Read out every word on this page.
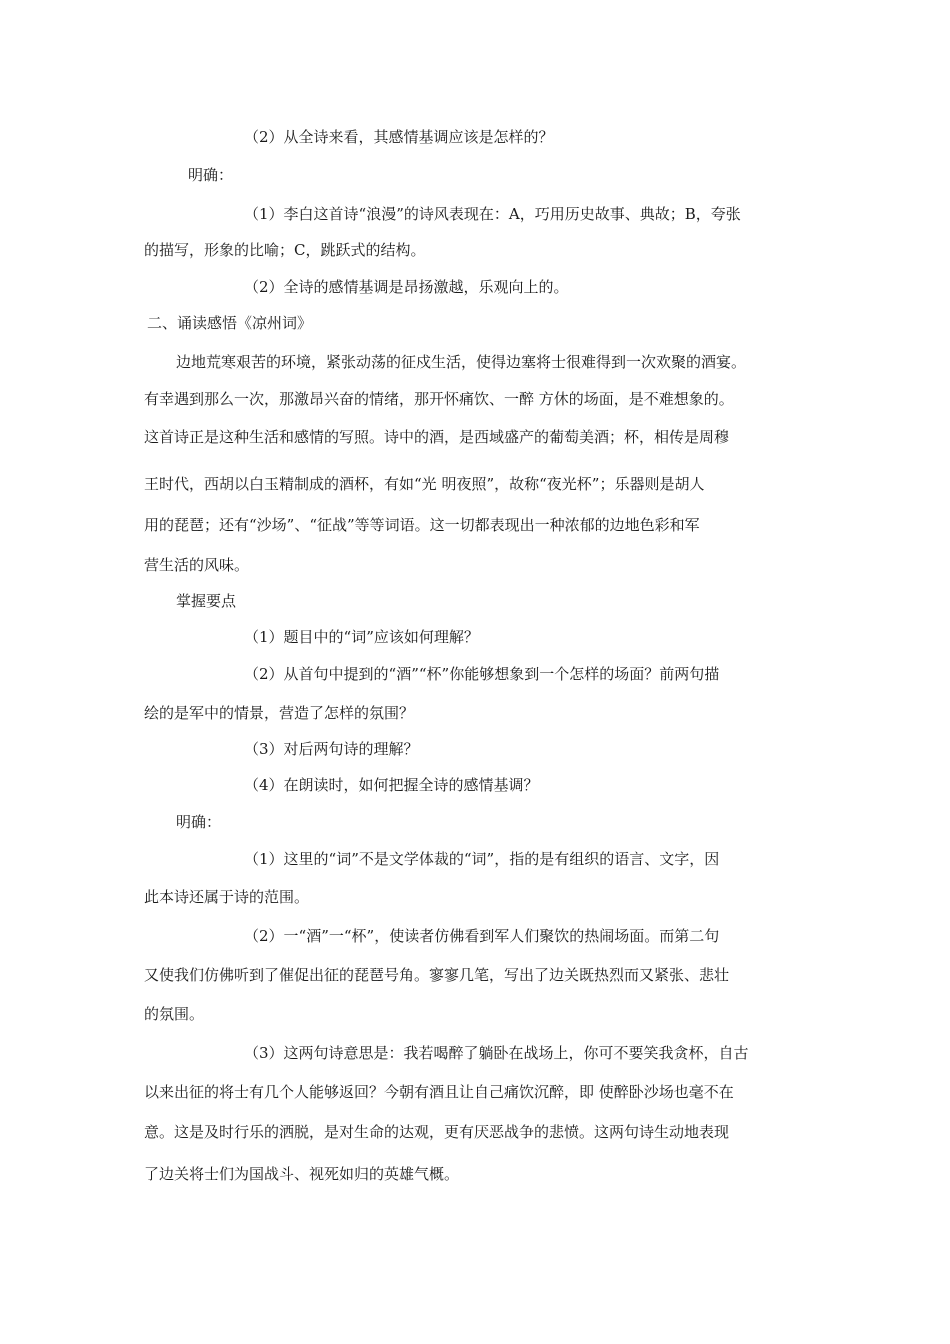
（2）从全诗来看，其感情基调应该是怎样的？
明确：
（1）李白这首诗“浪漫”的诗风表现在：A，巧用历史故事、典故；B，夸张
的描写，形象的比喻；C，跳跃式的结构。
（2）全诗的感情基调是昂扬激越，乐观向上的。
二、诵读感悟《凉州词》
边地荒寒艰苦的环境，紧张动荡的征戍生活，使得边塞将士很难得到一次欢聚的酒宴。
有幸遇到那么一次，那激昂兴奋的情绪，那开怀痛饮、一醉 方休的场面，是不难想象的。
这首诗正是这种生活和感情的写照。诗中的酒，是西域盛产的葡萄美酒；杯，相传是周穆
王时代，西胡以白玉精制成的酒杯，有如“光 明夜照”，故称“夜光杯”；乐器则是胡人
用的琵琶；还有“沙场”、“征战”等等词语。这一切都表现出一种浓郁的边地色彩和军
营生活的风味。
掌握要点
（1）题目中的“词”应该如何理解？
（2）从首句中提到的“酒”“杯”你能够想象到一个怎样的场面？前两句描
绘的是军中的情景，营造了怎样的氛围？
（3）对后两句诗的理解？
（4）在朗读时，如何把握全诗的感情基调？
明确：
（1）这里的“词”不是文学体裁的“词”，指的是有组织的语言、文字，因
此本诗还属于诗的范围。
（2）一“酒”一“杯”，使读者仿佛看到军人们聚饮的热闹场面。而第二句
又使我们仿佛听到了催促出征的琵琶号角。寥寥几笔，写出了边关既热烈而又紧张、悲壮
的氛围。
（3）这两句诗意思是：我若喝醉了躺卧在战场上，你可不要笑我贪杯，自古
以来出征的将士有几个人能够返回？今朝有酒且让自己痛饮沉醉，即 使醉卧沙场也毫不在
意。这是及时行乐的洒脱，是对生命的达观，更有厌恶战争的悲愤。这两句诗生动地表现
了边关将士们为国战斗、视死如归的英雄气概。
